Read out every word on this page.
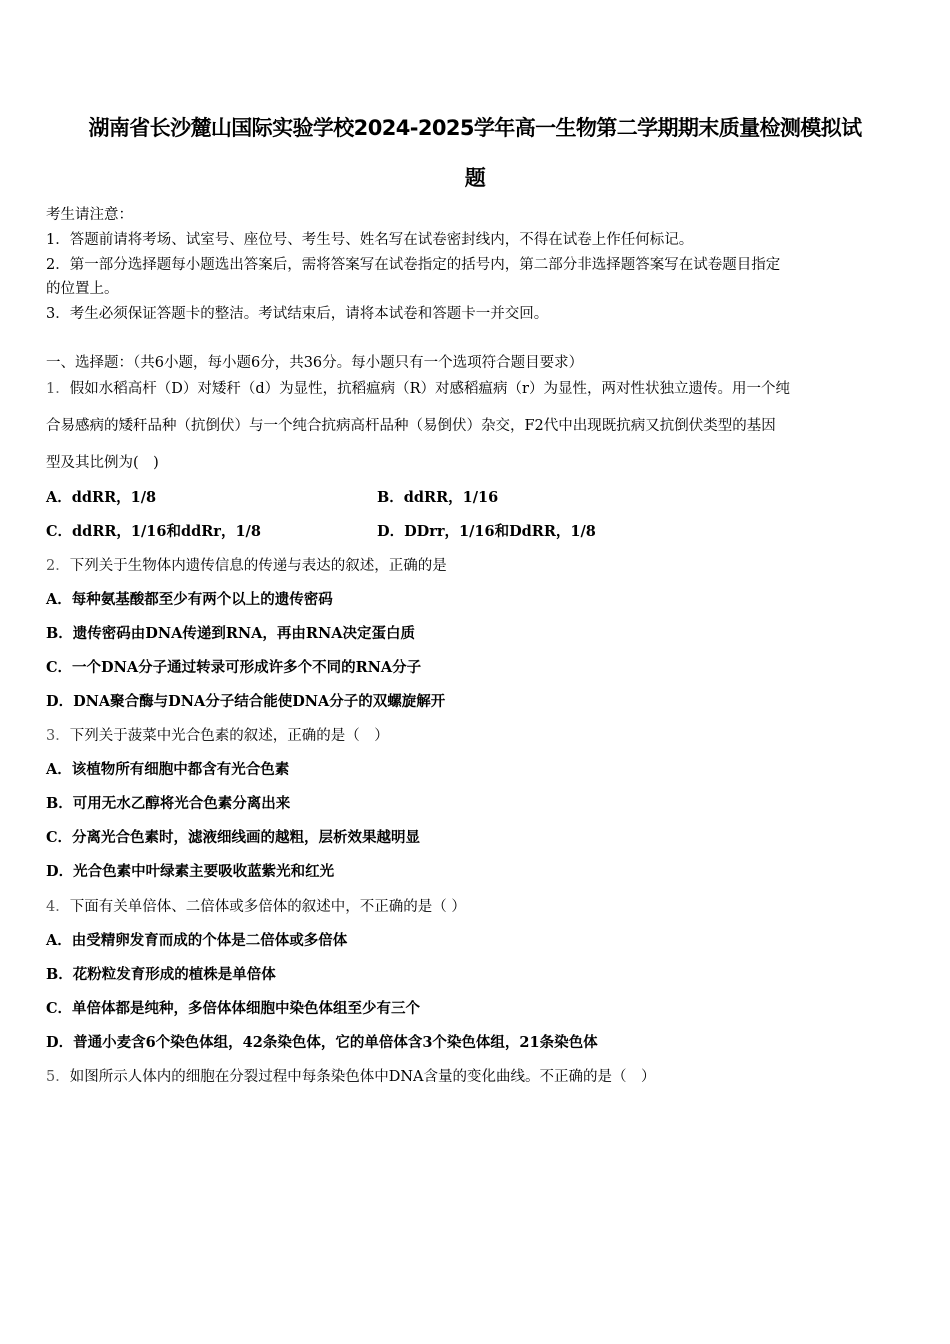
湖南省长沙麓山国际实验学校2024-2025学年高一生物第二学期期末质量检测模拟试
题
考生请注意：
1．答题前请将考场、试室号、座位号、考生号、姓名写在试卷密封线内，不得在试卷上作任何标记。
2．第一部分选择题每小题选出答案后，需将答案写在试卷指定的括号内，第二部分非选择题答案写在试卷题目指定
的位置上。
3．考生必须保证答题卡的整洁。考试结束后，请将本试卷和答题卡一并交回。
一、选择题：（共6小题，每小题6分，共36分。每小题只有一个选项符合题目要求）
1．假如水稻高杆（D）对矮秆（d）为显性，抗稻瘟病（R）对感稻瘟病（r）为显性，两对性状独立遗传。用一个纯
合易感病的矮秆品种（抗倒伏）与一个纯合抗病高杆品种（易倒伏）杂交，F2代中出现既抗病又抗倒伏类型的基因
型及其比例为(　)
A．ddRR，1/8	B．ddRR，1/16
C．ddRR，1/16和ddRr，1/8	D．DDrr，1/16和DdRR，1/8
2．下列关于生物体内遗传信息的传递与表达的叙述，正确的是
A．每种氨基酸都至少有两个以上的遗传密码
B．遗传密码由DNA传递到RNA，再由RNA决定蛋白质
C．一个DNA分子通过转录可形成许多个不同的RNA分子
D．DNA聚合酶与DNA分子结合能使DNA分子的双螺旋解开
3．下列关于菠菜中光合色素的叙述，正确的是（　）
A．该植物所有细胞中都含有光合色素
B．可用无水乙醇将光合色素分离出来
C．分离光合色素时，滤液细线画的越粗，层析效果越明显
D．光合色素中叶绿素主要吸收蓝紫光和红光
4．下面有关单倍体、二倍体或多倍体的叙述中，不正确的是（ ）
A．由受精卵发育而成的个体是二倍体或多倍体
B．花粉粒发育形成的植株是单倍体
C．单倍体都是纯种，多倍体体细胞中染色体组至少有三个
D．普通小麦含6个染色体组，42条染色体，它的单倍体含3个染色体组，21条染色体
5．如图所示人体内的细胞在分裂过程中每条染色体中DNA含量的变化曲线。不正确的是（　）
